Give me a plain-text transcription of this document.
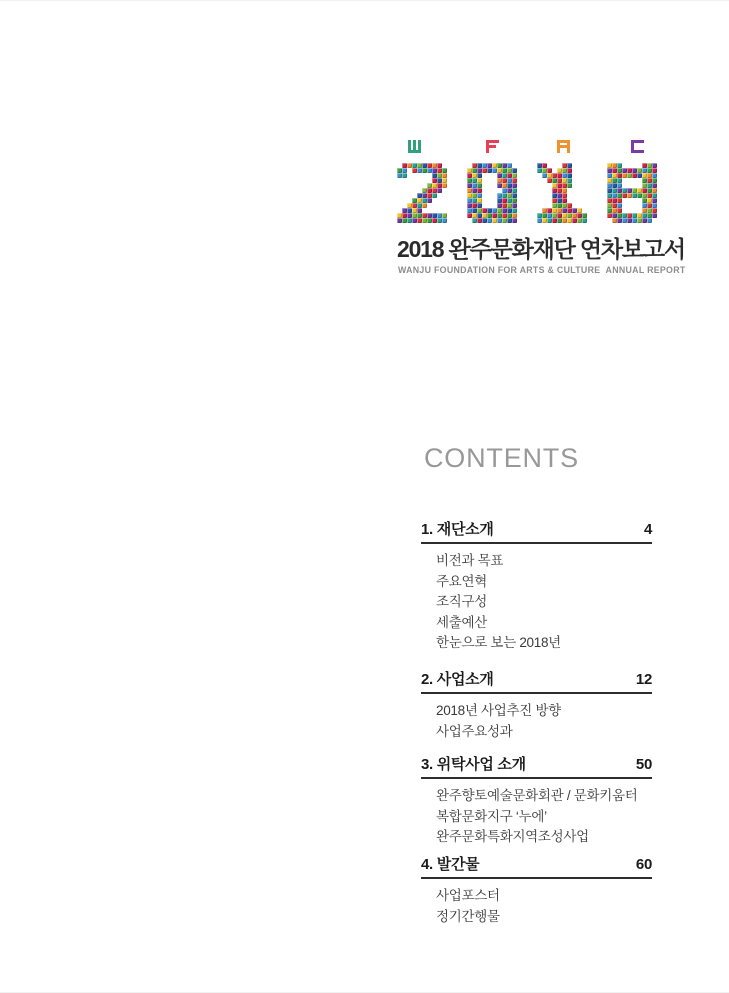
2018 완주문화재단 연차보고서
WANJU FOUNDATION FOR ARTS & CULTURE  ANNUAL REPORT
CONTENTS
1. 재단소개	4
비전과 목표
주요연혁
조직구성
세출예산
한눈으로 보는 2018년
2. 사업소개	12
2018년 사업추진 방향
사업주요성과
3. 위탁사업 소개	50
완주향토예술문화회관 / 문화키움터
복합문화지구 ‘누에’
완주문화특화지역조성사업
4. 발간물	60
사업포스터
정기간행물
